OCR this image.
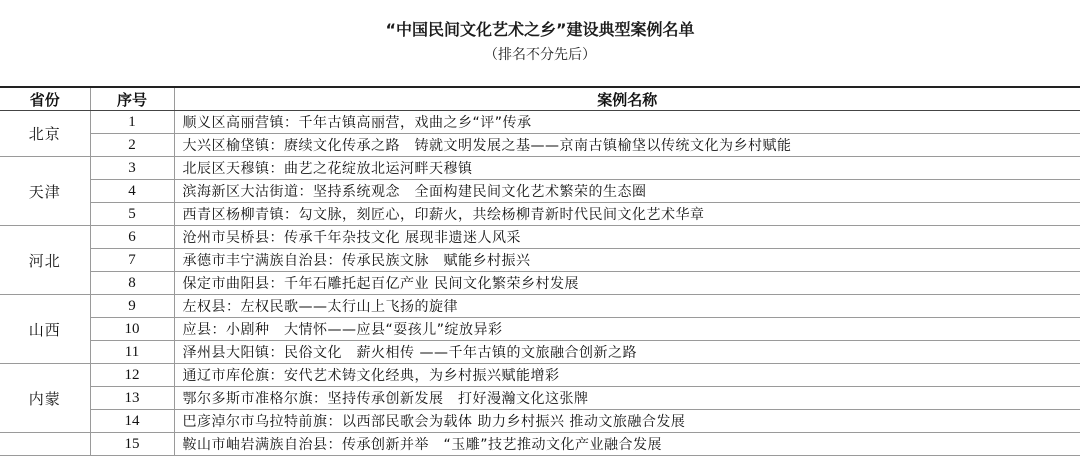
“中国民间文化艺术之乡”建设典型案例名单
（排名不分先后）
省份	序号	案例名称
北京	1	顺义区高丽营镇：千年古镇高丽营，戏曲之乡“评”传承
	2	大兴区榆垡镇：赓续文化传承之路　铸就文明发展之基——京南古镇榆垡以传统文化为乡村赋能
天津	3	北辰区天穆镇：曲艺之花绽放北运河畔天穆镇
	4	滨海新区大沽街道：坚持系统观念　全面构建民间文化艺术繁荣的生态圈
	5	西青区杨柳青镇：勾文脉，刻匠心，印薪火，共绘杨柳青新时代民间文化艺术华章
河北	6	沧州市吴桥县：传承千年杂技文化 展现非遗迷人风采
	7	承德市丰宁满族自治县：传承民族文脉　赋能乡村振兴
	8	保定市曲阳县：千年石雕托起百亿产业 民间文化繁荣乡村发展
山西	9	左权县：左权民歌——太行山上飞扬的旋律
	10	应县：小剧种　大情怀——应县“耍孩儿”绽放异彩
	11	泽州县大阳镇：民俗文化　薪火相传 ——千年古镇的文旅融合创新之路
内蒙	12	通辽市库伦旗：安代艺术铸文化经典，为乡村振兴赋能增彩
	13	鄂尔多斯市准格尔旗：坚持传承创新发展　打好漫瀚文化这张牌
	14	巴彦淖尔市乌拉特前旗：以西部民歌会为载体 助力乡村振兴 推动文旅融合发展
	15	鞍山市岫岩满族自治县：传承创新并举　“玉雕”技艺推动文化产业融合发展
